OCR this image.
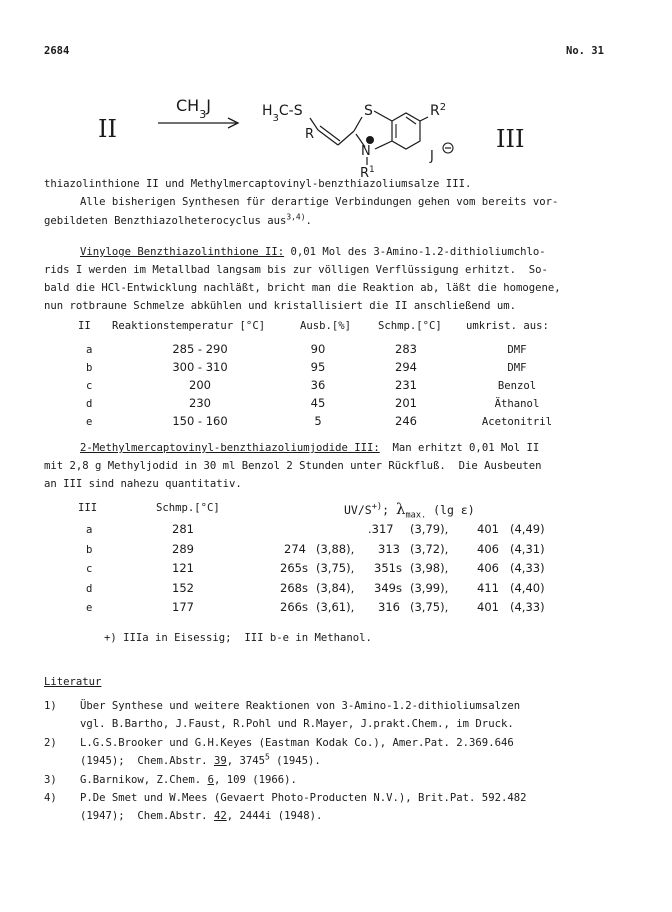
2684	No. 31
II
$CH_3J$	$H_3C-S$
R
S
N
$R^1$
$R^2$
J
III
thiazolinthione II und Methylmercaptovinyl-benzthiazoliumsalze III.
Alle bisherigen Synthesen für derartige Verbindungen gehen vom bereits vor-
gebildeten Benzthiazolheterocyclus aus$^{3,4)}$.
Vinyloge Benzthiazolinthione II: 0,01 Mol des 3-Amino-1.2-dithioliumchlo-
rids I werden im Metallbad langsam bis zur völligen Verflüssigung erhitzt.  So-
bald die HCl-Entwicklung nachläßt, bricht man die Reaktion ab, läßt die homogene,
nun rotbraune Schmelze abkühlen und kristallisiert die II anschließend um.
II Reaktionstemperatur [°C]	Ausb.[%]	Schmp.[°C] umkrist. aus:
a	285 - 290	90	283	DMF
b	300 - 310	95	294	DMF
c	200	36	231	Benzol
d	230	45	201	Äthanol
e	150 - 160	5	246	Acetonitril
2-Methylmercaptovinyl-benzthiazoliumjodide III:  Man erhitzt 0,01 Mol II
mit 2,8 g Methyljodid in 30 ml Benzol 2 Stunden unter Rückfluß.  Die Ausbeuten
an III sind nahezu quantitativ.
III	Schmp.[°C]	UV/S+); $\lambda_{max.}$ (lg ε)
a	281	.317 (3,79),	401 (4,49)
b	289	274 (3,88), 313 (3,72),	406 (4,31)
c	121	265s (3,75), 351s (3,98),	406 (4,33)
d	152	268s (3,84), 349s (3,99),	411 (4,40)
e	177	266s (3,61), 316 (3,75),	401 (4,33)
+) IIIa in Eisessig;  III b-e in Methanol.
Literatur
1) Über Synthese und weitere Reaktionen von 3-Amino-1.2-dithioliumsalzen
vgl. B.Bartho, J.Faust, R.Pohl und R.Mayer, J.prakt.Chem., im Druck.
2) L.G.S.Brooker und G.H.Keyes (Eastman Kodak Co.), Amer.Pat. 2.369.646
(1945);  Chem.Abstr. 39, 3745$^5$ (1945).
3) G.Barnikow, Z.Chem. 6, 109 (1966).
4) P.De Smet und W.Mees (Gevaert Photo-Producten N.V.), Brit.Pat. 592.482
(1947);  Chem.Abstr. 42, 2444i (1948).
